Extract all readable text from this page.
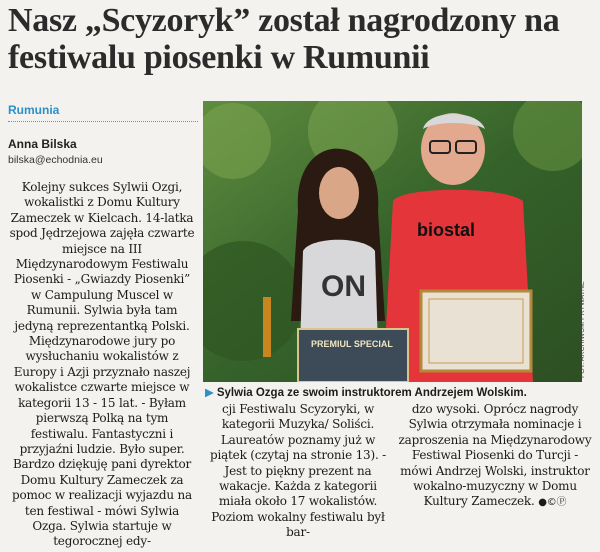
Nasz „Scyzoryk” został nagrodzony na festiwalu piosenki w Rumunii
Rumunia
Anna Bilska
bilska@echodnia.eu
Kolejny sukces Sylwii Ozgi, wokalistki z Domu Kultury Zameczek w Kielcach. 14-latka spod Jędrzejowa zajęła czwarte miejsce na III Międzynarodowym Festiwalu Piosenki - „Gwiazdy Piosenki” w Campulung Muscel w Rumunii. Sylwia była tam jedyną reprezentantką Polski. Międzynarodowe jury po wysłuchaniu wokalistów z Europy i Azji przyznało naszej wokalistce czwarte miejsce w kategorii 13 - 15 lat. - Byłam pierwszą Polką na tym festiwalu. Fantastyczni i przyjaźni ludzie. Było super. Bardzo dziękuję pani dyrektor Domu Kultury Zameczek za pomoc w realizacji wyjazdu na ten festiwal - mówi Sylwia Ozga. Sylwia startuje w tegorocznej edy-
ON
biostal
PREMIUL SPECIAL	FOT. ARCHIWUM PRYWATNE
▶ Sylwia Ozga ze swoim instruktorem Andrzejem Wolskim.
cji Festiwalu Scyzoryki, w kategorii Muzyka/ Soliści. Laureatów poznamy już w piątek (czytaj na stronie 13). - Jest to piękny prezent na wakacje. Każda z kategorii miała około 17 wokalistów. Poziom wokalny festiwalu był bar-
dzo wysoki. Oprócz nagrody Sylwia otrzymała nominacje i zaproszenia na Międzynarodowy Festiwal Piosenki do Turcji - mówi Andrzej Wolski, instruktor wokalno-muzyczny w Domu Kultury Zameczek. ●©Ⓟ
